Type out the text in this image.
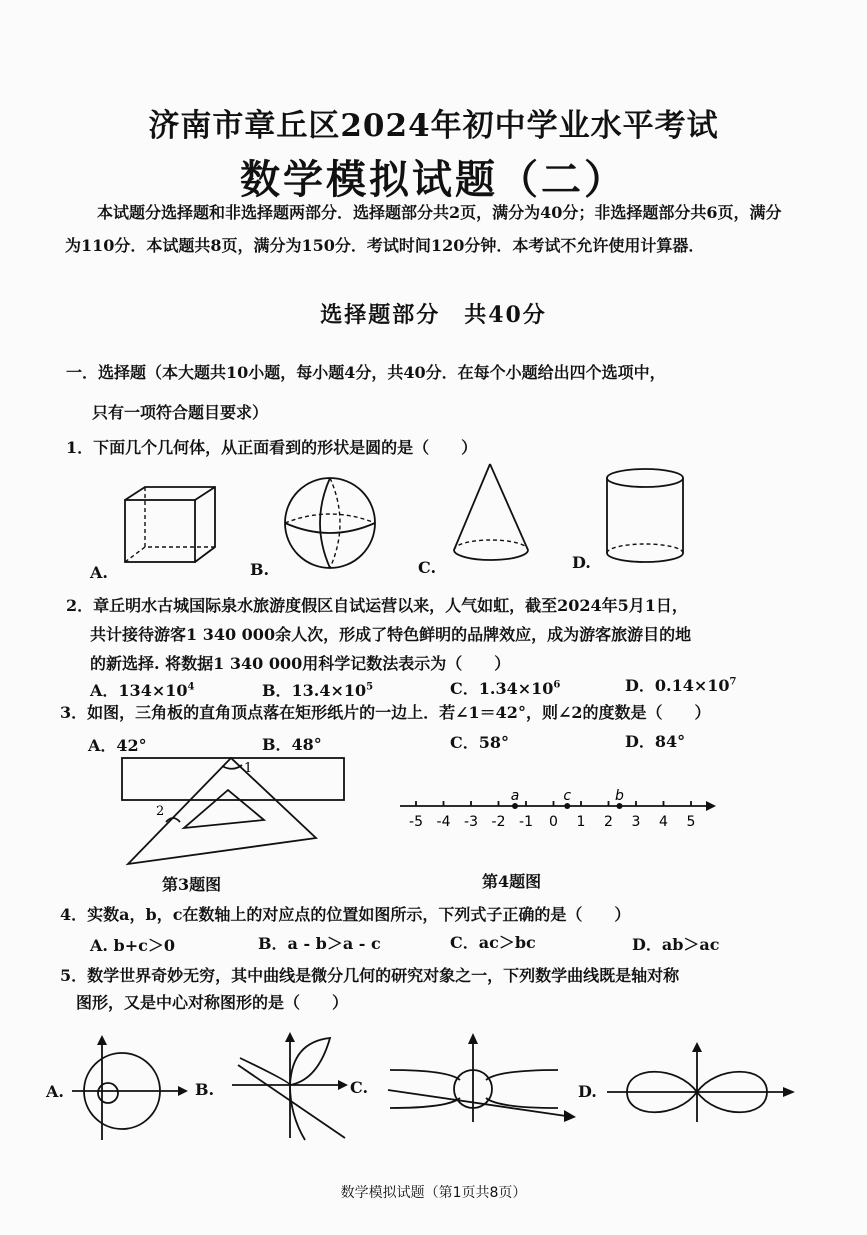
济南市章丘区2024年初中学业水平考试
数学模拟试题（二）
本试题分选择题和非选择题两部分．选择题部分共2页，满分为40分；非选择题部分共6页，满分为110分．本试题共8页，满分为150分．考试时间120分钟．本考试不允许使用计算器．
选择题部分　共40分
一．选择题（本大题共10小题，每小题4分，共40分．在每个小题给出四个选项中，
只有一项符合题目要求）
1．下面几个几何体，从正面看到的形状是圆的是（　　）
A.	B.	C.	D.
2．章丘明水古城国际泉水旅游度假区自试运营以来，人气如虹，截至2024年5月1日，
共计接待游客1 340 000余人次，形成了特色鲜明的品牌效应，成为游客旅游目的地
的新选择. 将数据1 340 000用科学记数法表示为（　　）
A．$134\times 10^4$	B．$13.4\times 10^5$	C．$1.34\times 10^6$	D．$0.14\times 10^7$
3．如图，三角板的直角顶点落在矩形纸片的一边上．若∠1＝42°，则∠2的度数是（　　）
A．42°	B．48°	C．58°	D．84°
1
2
第3题图
-5 -4 -3 -2 -1 0 1 2 3 4 5
a	c	b
第4题图
4．实数a，b，c在数轴上的对应点的位置如图所示，下列式子正确的是（　　）
A. b+c＞0	B．a - b＞a - c	C．ac＞bc	D．ab＞ac
5．数学世界奇妙无穷，其中曲线是微分几何的研究对象之一，下列数学曲线既是轴对称
图形，又是中心对称图形的是（　　）
A.	B.	C.	D.
数学模拟试题（第1页共8页）
